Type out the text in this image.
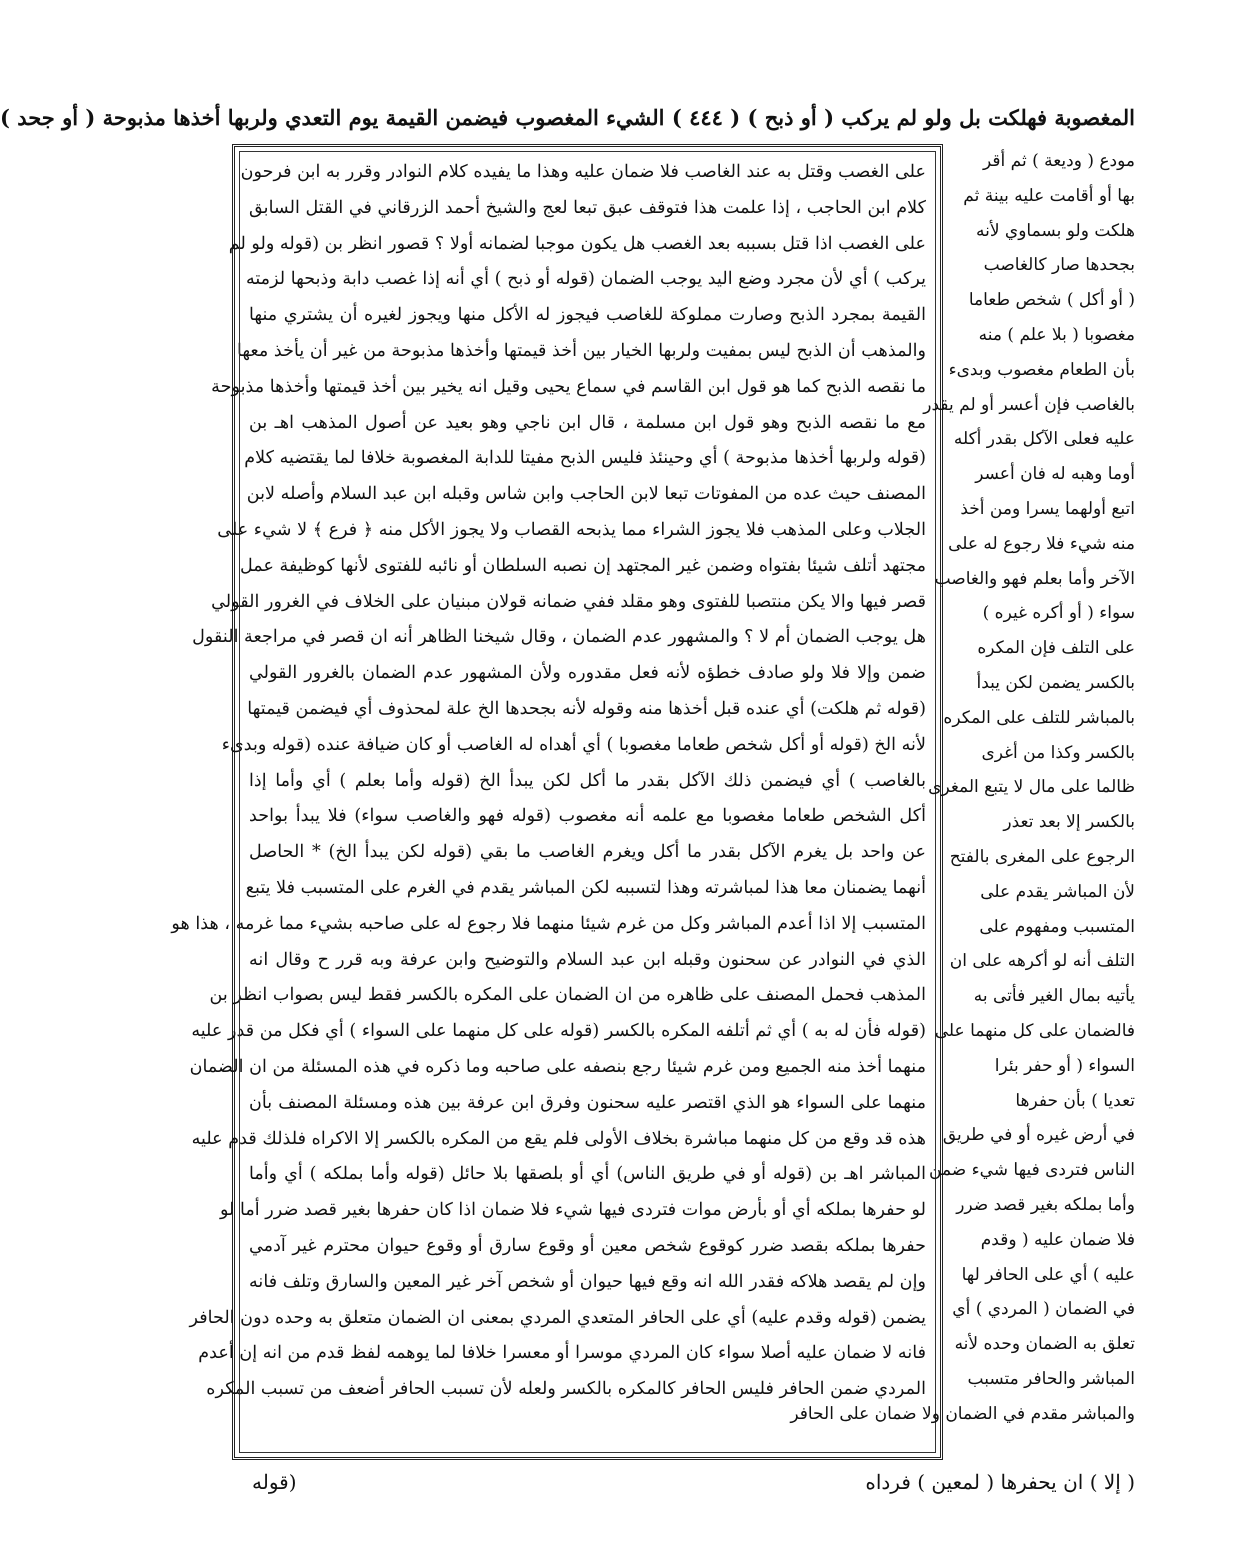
المغصوبة فهلكت بل ولو لم يركب ( أو ذبح ) ( ٤٤٤ ) الشيء المغصوب فيضمن القيمة يوم التعدي ولربها أخذها مذبوحة ( أو جحد )
على الغصب وقتل به عند الغاصب فلا ضمان عليه وهذا ما يفيده كلام النوادر وقرر به ابن فرحون
كلام ابن الحاجب ، إذا علمت هذا فتوقف عبق تبعا لعج والشيخ أحمد الزرقاني في القتل السابق
على الغصب اذا قتل بسببه بعد الغصب هل يكون موجبا لضمانه أولا ؟ قصور انظر بن (قوله ولو لم
يركب ) أي لأن مجرد وضع اليد يوجب الضمان (قوله أو ذبح ) أي أنه إذا غصب دابة وذبحها لزمته
القيمة بمجرد الذبح وصارت مملوكة للغاصب فيجوز له الأكل منها ويجوز لغيره أن يشتري منها
والمذهب أن الذبح ليس بمفيت ولربها الخيار بين أخذ قيمتها وأخذها مذبوحة من غير أن يأخذ معها
ما نقصه الذبح كما هو قول ابن القاسم في سماع يحيى وقيل انه يخير بين أخذ قيمتها وأخذها مذبوحة
مع ما نقصه الذبح وهو قول ابن مسلمة ، قال ابن ناجي وهو بعيد عن أصول المذهب اهـ بن
(قوله ولربها أخذها مذبوحة ) أي وحينئذ فليس الذبح مفيتا للدابة المغصوبة خلافا لما يقتضيه كلام
المصنف حيث عده من المفوتات تبعا لابن الحاجب وابن شاس وقبله ابن عبد السلام وأصله لابن
الجلاب وعلى المذهب فلا يجوز الشراء مما يذبحه القصاب ولا يجوز الأكل منه ﴿ فرع ﴾ لا شيء على
مجتهد أتلف شيئا بفتواه وضمن غير المجتهد إن نصبه السلطان أو نائبه للفتوى لأنها كوظيفة عمل
قصر فيها والا يكن منتصبا للفتوى وهو مقلد ففي ضمانه قولان مبنيان على الخلاف في الغرور القولي
هل يوجب الضمان أم لا ؟ والمشهور عدم الضمان ، وقال شيخنا الظاهر أنه ان قصر في مراجعة النقول
ضمن وإلا فلا ولو صادف خطؤه لأنه فعل مقدوره ولأن المشهور عدم الضمان بالغرور القولي
(قوله ثم هلكت) أي عنده قبل أخذها منه وقوله لأنه بجحدها الخ علة لمحذوف أي فيضمن قيمتها
لأنه الخ (قوله أو أكل شخص طعاما مغصوبا ) أي أهداه له الغاصب أو كان ضيافة عنده (قوله وبدىء
بالغاصب ) أي فيضمن ذلك الآكل بقدر ما أكل لكن يبدأ الخ (قوله وأما بعلم ) أي وأما إذا
أكل الشخص طعاما مغصوبا مع علمه أنه مغصوب (قوله فهو والغاصب سواء) فلا يبدأ بواحد
عن واحد بل يغرم الآكل بقدر ما أكل ويغرم الغاصب ما بقي (قوله لكن يبدأ الخ) * الحاصل
أنهما يضمنان معا هذا لمباشرته وهذا لتسببه لكن المباشر يقدم في الغرم على المتسبب فلا يتبع
المتسبب إلا اذا أعدم المباشر وكل من غرم شيئا منهما فلا رجوع له على صاحبه بشيء مما غرمه ، هذا هو
الذي في النوادر عن سحنون وقبله ابن عبد السلام والتوضيح وابن عرفة وبه قرر ح وقال انه
المذهب فحمل المصنف على ظاهره من ان الضمان على المكره بالكسر فقط ليس بصواب انظر بن
(قوله فأن له به ) أي ثم أتلفه المكره بالكسر (قوله على كل منهما على السواء ) أي فكل من قدر عليه
منهما أخذ منه الجميع ومن غرم شيئا رجع بنصفه على صاحبه وما ذكره في هذه المسئلة من ان الضمان
منهما على السواء هو الذي اقتصر عليه سحنون وفرق ابن عرفة بين هذه ومسئلة المصنف بأن
هذه قد وقع من كل منهما مباشرة بخلاف الأولى فلم يقع من المكره بالكسر إلا الاكراه فلذلك قدم عليه
المباشر اهـ بن (قوله أو في طريق الناس) أي أو بلصقها بلا حائل (قوله وأما بملكه ) أي وأما
لو حفرها بملكه أي أو بأرض موات فتردى فيها شيء فلا ضمان اذا كان حفرها بغير قصد ضرر أما لو
حفرها بملكه بقصد ضرر كوقوع شخص معين أو وقوع سارق أو وقوع حيوان محترم غير آدمي
وإن لم يقصد هلاكه فقدر الله انه وقع فيها حيوان أو شخص آخر غير المعين والسارق وتلف فانه
يضمن (قوله وقدم عليه) أي على الحافر المتعدي المردي بمعنى ان الضمان متعلق به وحده دون الحافر
فانه لا ضمان عليه أصلا سواء كان المردي موسرا أو معسرا خلافا لما يوهمه لفظ قدم من انه إن أعدم
المردي ضمن الحافر فليس الحافر كالمكره بالكسر ولعله لأن تسبب الحافر أضعف من تسبب المكره
مودع ( وديعة ) ثم أقر
بها أو أقامت عليه بينة ثم
هلكت ولو بسماوي لأنه
بجحدها صار كالغاصب
( أو أكل ) شخص طعاما
مغصوبا ( بلا علم ) منه
بأن الطعام مغصوب وبدىء
بالغاصب فإن أعسر أو لم يقدر
عليه فعلى الآكل بقدر أكله
أوما وهبه له فان أعسر
اتبع أولهما يسرا ومن أخذ
منه شيء فلا رجوع له على
الآخر وأما بعلم فهو والغاصب
سواء ( أو أكره غيره )
على التلف فإن المكره
بالكسر يضمن لكن يبدأ
بالمباشر للتلف على المكره
بالكسر وكذا من أغرى
ظالما على مال لا يتبع المغرى
بالكسر إلا بعد تعذر
الرجوع على المغرى بالفتح
لأن المباشر يقدم على
المتسبب ومفهوم على
التلف أنه لو أكرهه على ان
يأتيه بمال الغير فأتى به
فالضمان على كل منهما على
السواء ( أو حفر بئرا
تعديا ) بأن حفرها
في أرض غيره أو في طريق
الناس فتردى فيها شيء ضمن
وأما بملكه بغير قصد ضرر
فلا ضمان عليه ( وقدم
عليه ) أي على الحافر لها
في الضمان ( المردي ) أي
تعلق به الضمان وحده لأنه
المباشر والحافر متسبب
والمباشر مقدم في الضمان ولا ضمان على الحافر
( إلا ) ان يحفرها ( لمعين ) فرداه
(قوله
